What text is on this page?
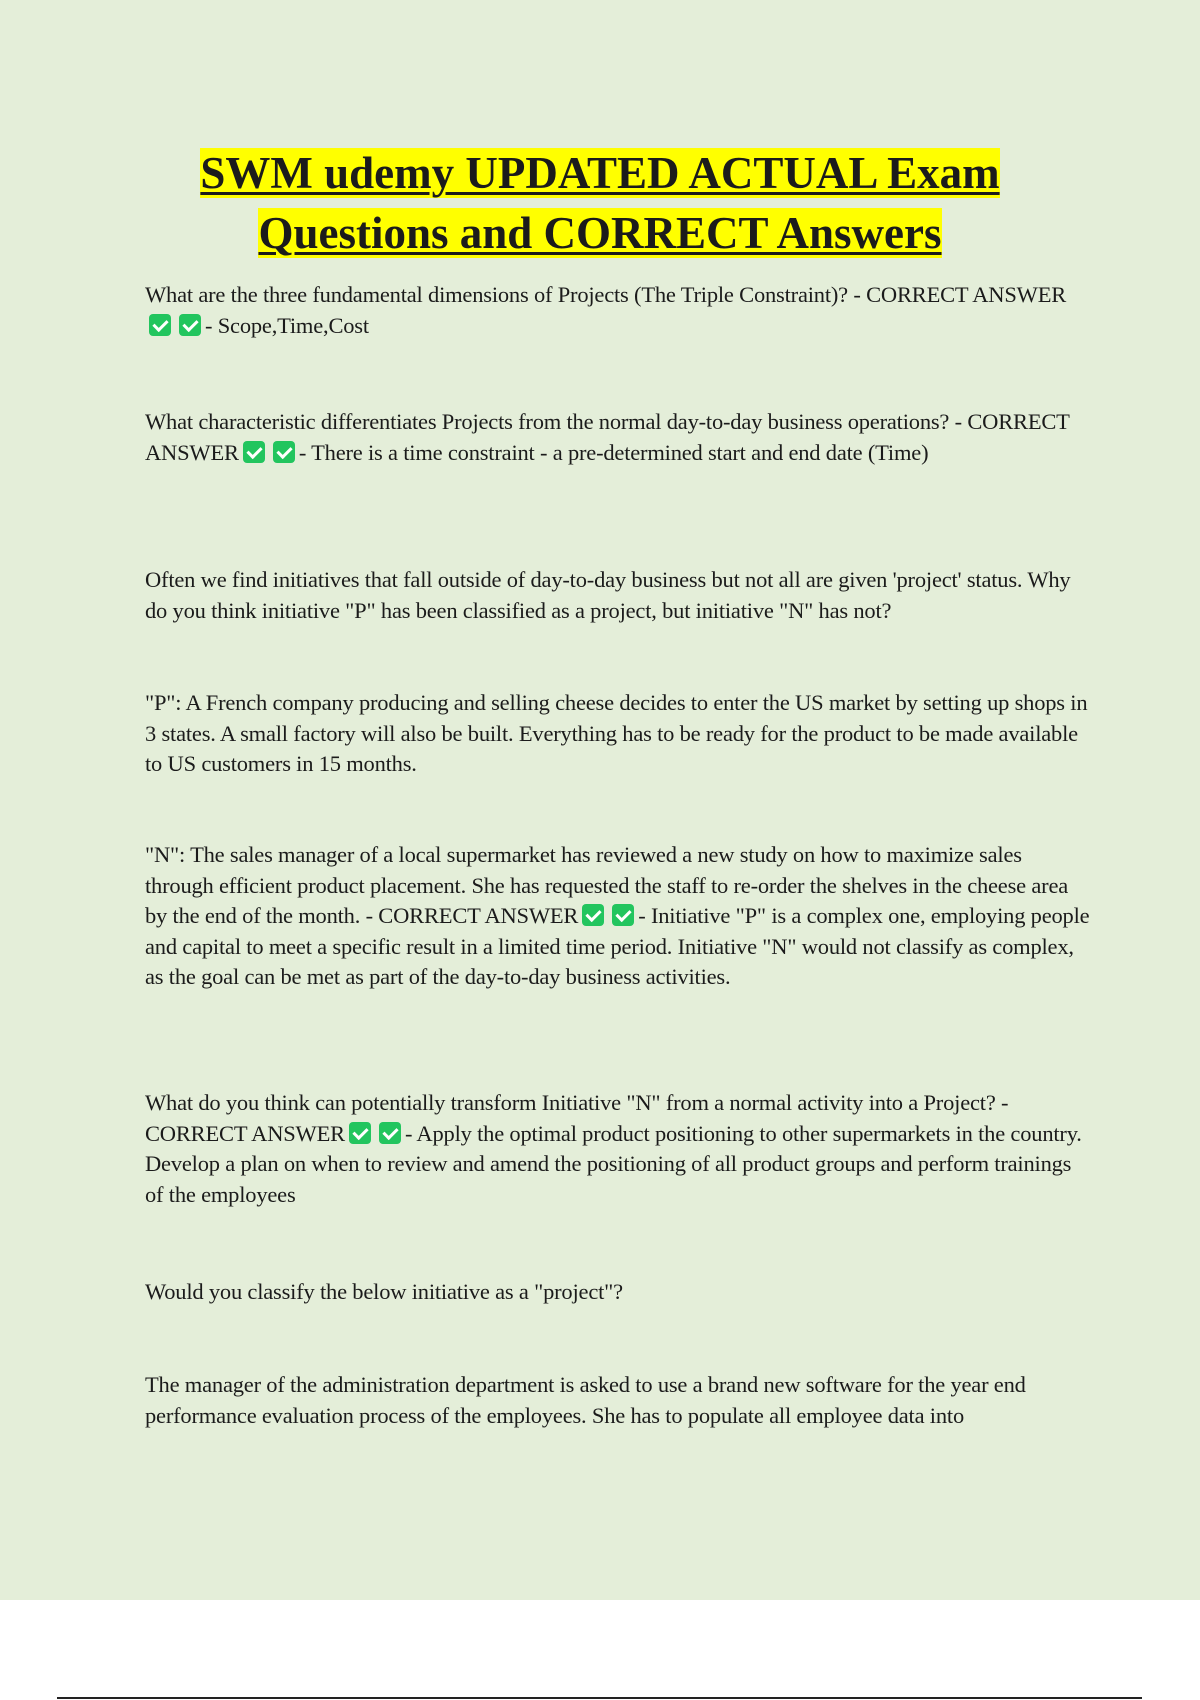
SWM udemy UPDATED ACTUAL Exam
Questions and CORRECT Answers

What are the three fundamental dimensions of Projects (The Triple Constraint)? - CORRECT ANSWER- Scope,Time,Cost

What characteristic differentiates Projects from the normal day-to-day business operations? - CORRECT ANSWER	- There is a time constraint - a pre-determined start and end date (Time)

Often we find initiatives that fall outside of day-to-day business but not all are given 'project' status. Why do you think initiative "P" has been classified as a project, but initiative "N" has not?

"P": A French company producing and selling cheese decides to enter the US market by setting up shops in 3 states. A small factory will also be built. Everything has to be ready for the product to be made available to US customers in 15 months.

"N": The sales manager of a local supermarket has reviewed a new study on how to maximize sales through efficient product placement. She has requested the staff to re-order the shelves in the cheese area by the end of the month. - CORRECT ANSWER	- Initiative "P" is a complex one, employing people and capital to meet a specific result in a limited time period. Initiative "N" would not classify as complex, as the goal can be met as part of the day-to-day business activities.

What do you think can potentially transform Initiative "N" from a normal activity into a Project? - CORRECT ANSWER	- Apply the optimal product positioning to other supermarkets in the country. Develop a plan on when to review and amend the positioning of all product groups and perform trainings of the employees

Would you classify the below initiative as a "project"?

The manager of the administration department is asked to use a brand new software for the year end performance evaluation process of the employees. She has to populate all employee data into
